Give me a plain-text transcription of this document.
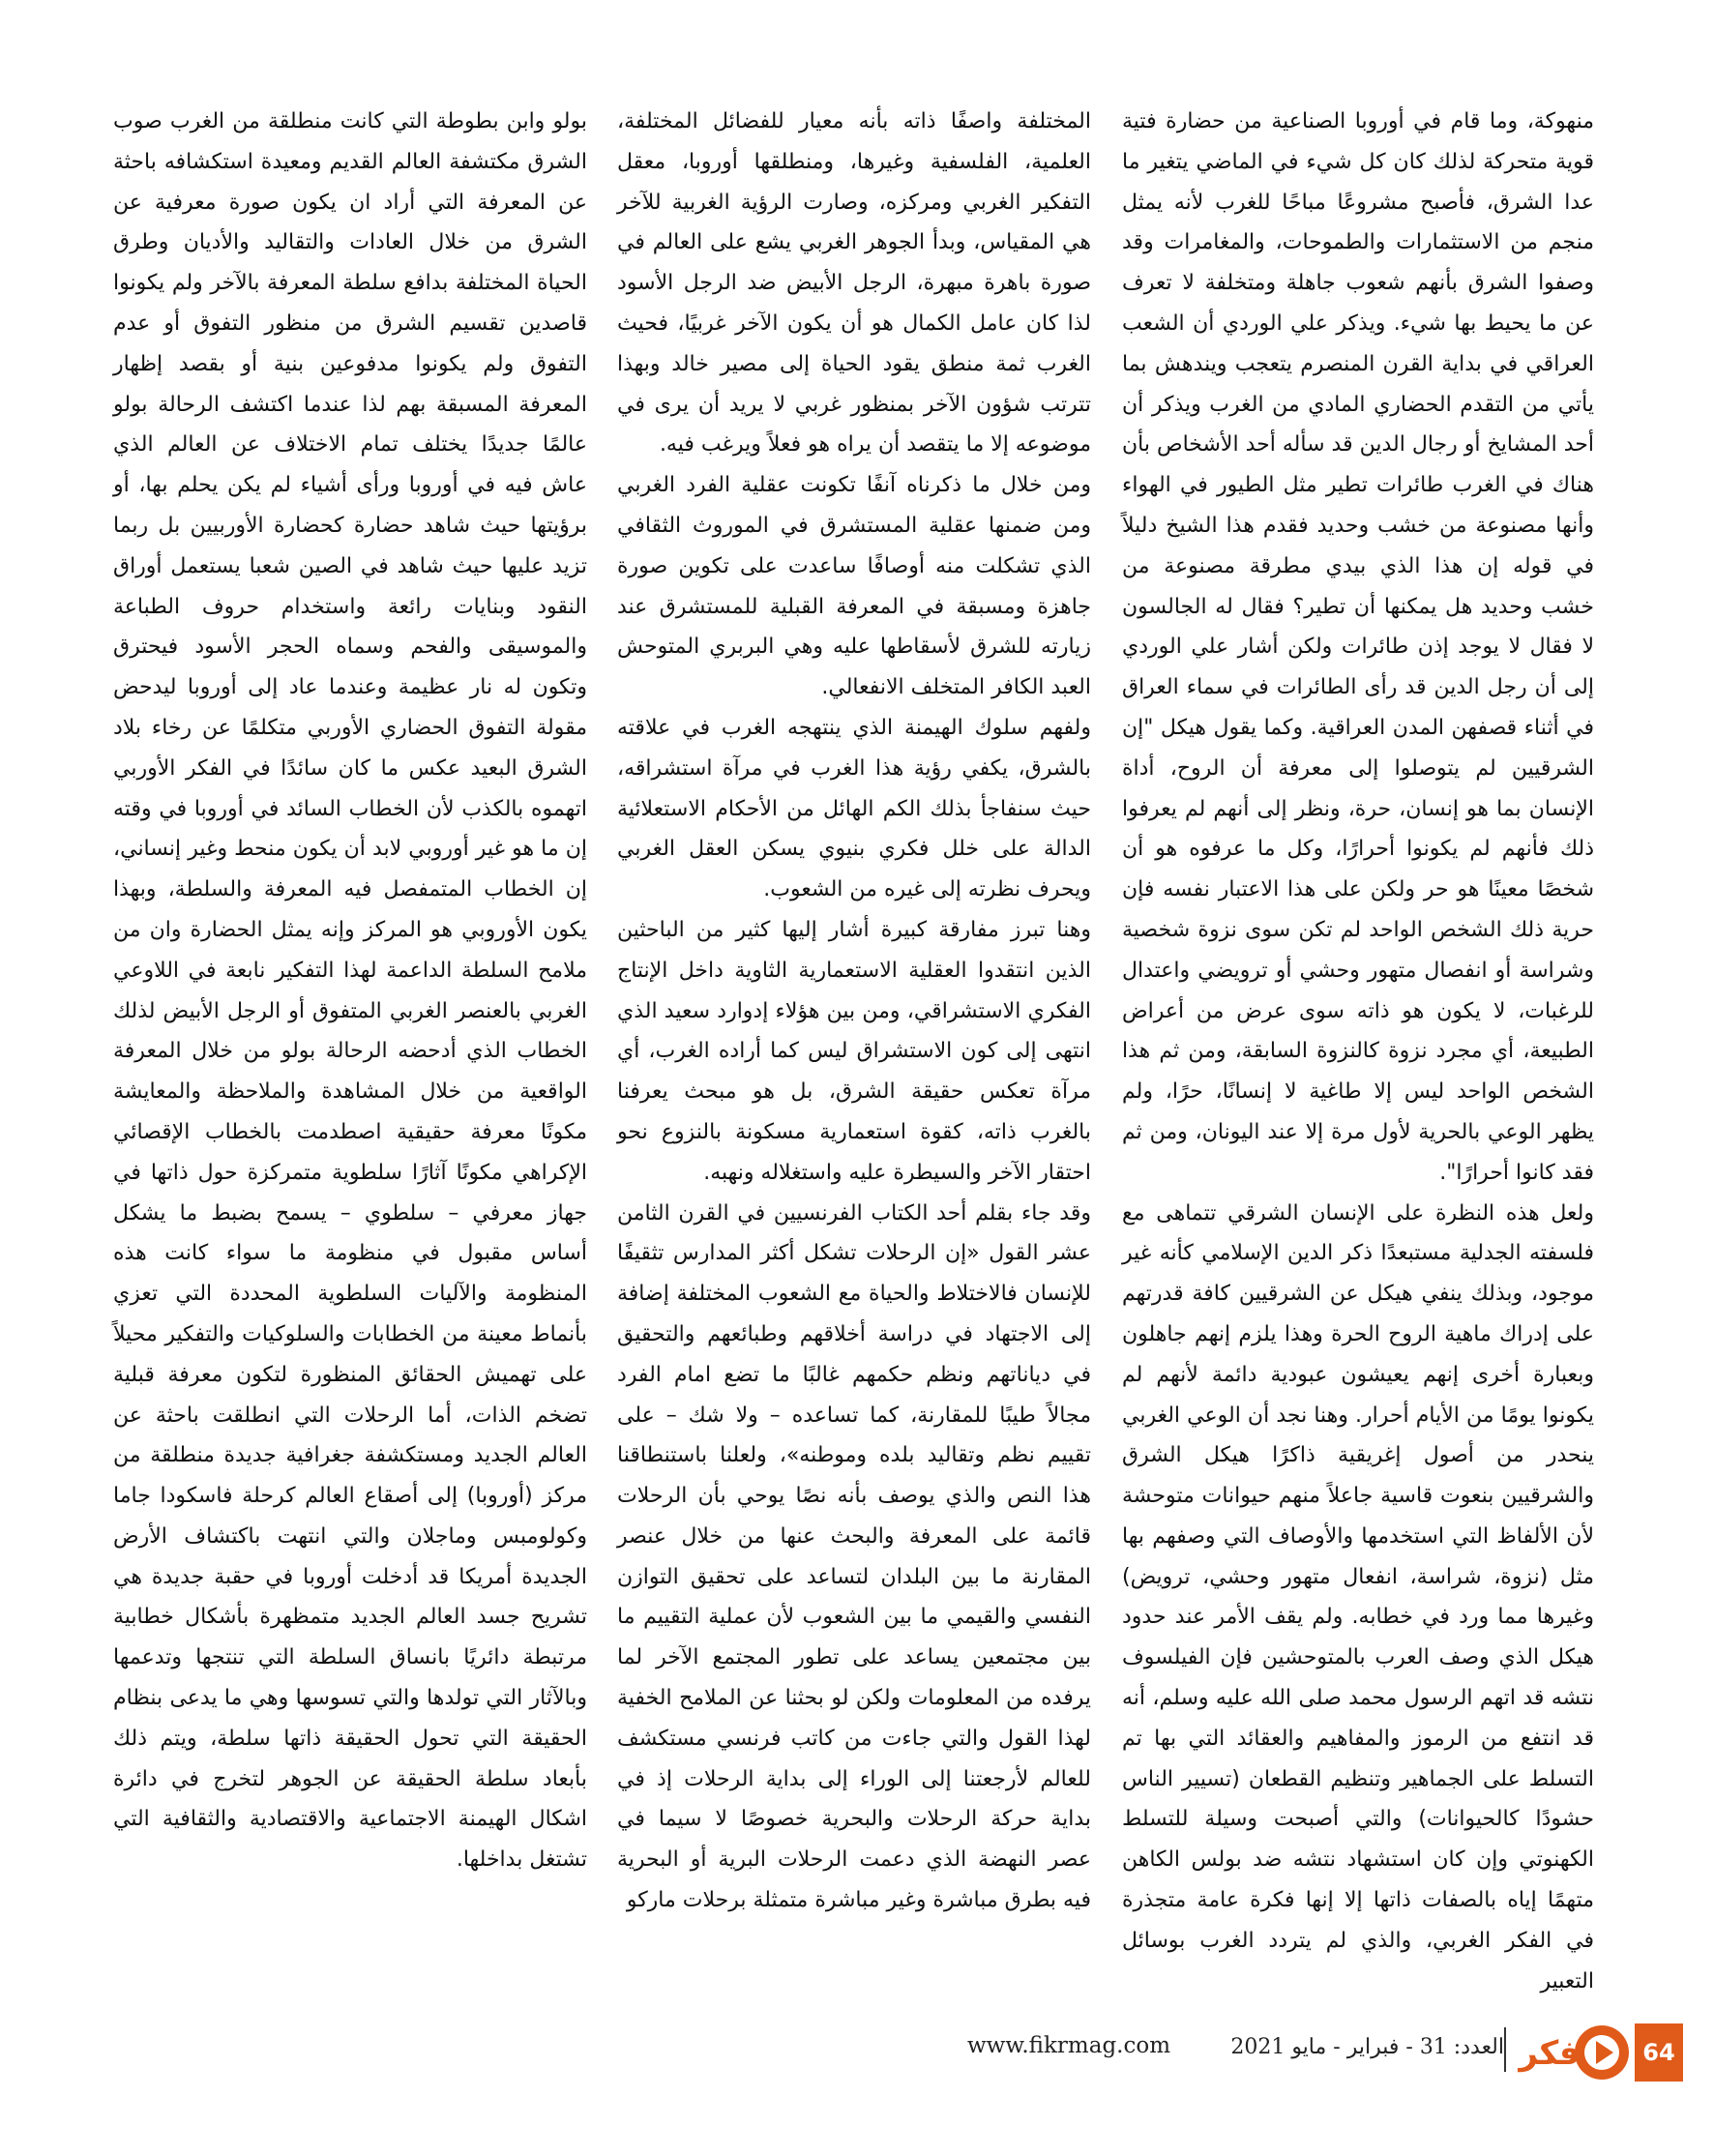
منهوكة، وما قام في أوروبا الصناعية من حضارة فتية قوية متحركة لذلك كان كل شيء في الماضي يتغير ما عدا الشرق، فأصبح مشروعًا مباحًا للغرب لأنه يمثل منجم من الاستثمارات والطموحات، والمغامرات وقد وصفوا الشرق بأنهم شعوب جاهلة ومتخلفة لا تعرف عن ما يحيط بها شيء. ويذكر علي الوردي أن الشعب العراقي في بداية القرن المنصرم يتعجب ويندهش بما يأتي من التقدم الحضاري المادي من الغرب ويذكر أن أحد المشايخ أو رجال الدين قد سأله أحد الأشخاص بأن هناك في الغرب طائرات تطير مثل الطيور في الهواء وأنها مصنوعة من خشب وحديد فقدم هذا الشيخ دليلاً في قوله إن هذا الذي بيدي مطرقة مصنوعة من خشب وحديد هل يمكنها أن تطير؟ فقال له الجالسون لا فقال لا يوجد إذن طائرات ولكن أشار علي الوردي إلى أن رجل الدين قد رأى الطائرات في سماء العراق في أثناء قصفهن المدن العراقية. وكما يقول هيكل "إن الشرقيين لم يتوصلوا إلى معرفة أن الروح، أداة الإنسان بما هو إنسان، حرة، ونظر إلى أنهم لم يعرفوا ذلك فأنهم لم يكونوا أحرارًا، وكل ما عرفوه هو أن شخصًا معينًا هو حر ولكن على هذا الاعتبار نفسه فإن حرية ذلك الشخص الواحد لم تكن سوى نزوة شخصية وشراسة أو انفصال متهور وحشي أو ترويضي واعتدال للرغبات، لا يكون هو ذاته سوى عرض من أعراض الطبيعة، أي مجرد نزوة كالنزوة السابقة، ومن ثم هذا الشخص الواحد ليس إلا طاغية لا إنسانًا، حرًا، ولم يظهر الوعي بالحرية لأول مرة إلا عند اليونان، ومن ثم فقد كانوا أحرارًا".

ولعل هذه النظرة على الإنسان الشرقي تتماهى مع فلسفته الجدلية مستبعدًا ذكر الدين الإسلامي كأنه غير موجود، وبذلك ينفي هيكل عن الشرقيين كافة قدرتهم على إدراك ماهية الروح الحرة وهذا يلزم إنهم جاهلون وبعبارة أخرى إنهم يعيشون عبودية دائمة لأنهم لم يكونوا يومًا من الأيام أحرار. وهنا نجد أن الوعي الغربي ينحدر من أصول إغريقية ذاكرًا هيكل الشرق والشرقيين بنعوت قاسية جاعلاً منهم حيوانات متوحشة لأن الألفاظ التي استخدمها والأوصاف التي وصفهم بها مثل (نزوة، شراسة، انفعال متهور وحشي، ترويض) وغيرها مما ورد في خطابه. ولم يقف الأمر عند حدود هيكل الذي وصف العرب بالمتوحشين فإن الفيلسوف نتشه قد اتهم الرسول محمد صلى الله عليه وسلم، أنه قد انتفع من الرموز والمفاهيم والعقائد التي بها تم التسلط على الجماهير وتنظيم القطعان (تسيير الناس حشودًا كالحيوانات) والتي أصبحت وسيلة للتسلط الكهنوتي وإن كان استشهاد نتشه ضد بولس الكاهن متهمًا إياه بالصفات ذاتها إلا إنها فكرة عامة متجذرة في الفكر الغربي، والذي لم يتردد الغرب بوسائل التعبير

المختلفة واصفًا ذاته بأنه معيار للفضائل المختلفة، العلمية، الفلسفية وغيرها، ومنطلقها أوروبا، معقل التفكير الغربي ومركزه، وصارت الرؤية الغربية للآخر هي المقياس، وبدأ الجوهر الغربي يشع على العالم في صورة باهرة مبهرة، الرجل الأبيض ضد الرجل الأسود لذا كان عامل الكمال هو أن يكون الآخر غربيًا، فحيث الغرب ثمة منطق يقود الحياة إلى مصير خالد وبهذا تترتب شؤون الآخر بمنظور غربي لا يريد أن يرى في موضوعه إلا ما يتقصد أن يراه هو فعلاً ويرغب فيه.

ومن خلال ما ذكرناه آنفًا تكونت عقلية الفرد الغربي ومن ضمنها عقلية المستشرق في الموروث الثقافي الذي تشكلت منه أوصافًا ساعدت على تكوين صورة جاهزة ومسبقة في المعرفة القبلية للمستشرق عند زيارته للشرق لأسقاطها عليه وهي البربري المتوحش العبد الكافر المتخلف الانفعالي.

ولفهم سلوك الهيمنة الذي ينتهجه الغرب في علاقته بالشرق، يكفي رؤية هذا الغرب في مرآة استشراقه، حيث سنفاجأ بذلك الكم الهائل من الأحكام الاستعلائية الدالة على خلل فكري بنيوي يسكن العقل الغربي ويحرف نظرته إلى غيره من الشعوب.

وهنا تبرز مفارقة كبيرة أشار إليها كثير من الباحثين الذين انتقدوا العقلية الاستعمارية الثاوية داخل الإنتاج الفكري الاستشراقي، ومن بين هؤلاء إدوارد سعيد الذي انتهى إلى كون الاستشراق ليس كما أراده الغرب، أي مرآة تعكس حقيقة الشرق، بل هو مبحث يعرفنا بالغرب ذاته، كقوة استعمارية مسكونة بالنزوع نحو احتقار الآخر والسيطرة عليه واستغلاله ونهبه.

وقد جاء بقلم أحد الكتاب الفرنسيين في القرن الثامن عشر القول «إن الرحلات تشكل أكثر المدارس تثقيفًا للإنسان فالاختلاط والحياة مع الشعوب المختلفة إضافة إلى الاجتهاد في دراسة أخلاقهم وطبائعهم والتحقيق في دياناتهم ونظم حكمهم غالبًا ما تضع امام الفرد مجالاً طيبًا للمقارنة، كما تساعده – ولا شك – على تقييم نظم وتقاليد بلده وموطنه»، ولعلنا باستنطاقنا هذا النص والذي يوصف بأنه نصًا يوحي بأن الرحلات قائمة على المعرفة والبحث عنها من خلال عنصر المقارنة ما بين البلدان لتساعد على تحقيق التوازن النفسي والقيمي ما بين الشعوب لأن عملية التقييم ما بين مجتمعين يساعد على تطور المجتمع الآخر لما يرفده من المعلومات ولكن لو بحثنا عن الملامح الخفية لهذا القول والتي جاءت من كاتب فرنسي مستكشف للعالم لأرجعتنا إلى الوراء إلى بداية الرحلات إذ في بداية حركة الرحلات والبحرية خصوصًا لا سيما في عصر النهضة الذي دعمت الرحلات البرية أو البحرية فيه بطرق مباشرة وغير مباشرة متمثلة برحلات ماركو

بولو وابن بطوطة التي كانت منطلقة من الغرب صوب الشرق مكتشفة العالم القديم ومعيدة استكشافه باحثة عن المعرفة التي أراد ان يكون صورة معرفية عن الشرق من خلال العادات والتقاليد والأديان وطرق الحياة المختلفة بدافع سلطة المعرفة بالآخر ولم يكونوا قاصدين تقسيم الشرق من منظور التفوق أو عدم التفوق ولم يكونوا مدفوعين بنية أو بقصد إظهار المعرفة المسبقة بهم لذا عندما اكتشف الرحالة بولو عالمًا جديدًا يختلف تمام الاختلاف عن العالم الذي عاش فيه في أوروبا ورأى أشياء لم يكن يحلم بها، أو برؤيتها حيث شاهد حضارة كحضارة الأوربيين بل ربما تزيد عليها حيث شاهد في الصين شعبا يستعمل أوراق النقود وبنايات رائعة واستخدام حروف الطباعة والموسيقى والفحم وسماه الحجر الأسود فيحترق وتكون له نار عظيمة وعندما عاد إلى أوروبا ليدحض مقولة التفوق الحضاري الأوربي متكلمًا عن رخاء بلاد الشرق البعيد عكس ما كان سائدًا في الفكر الأوربي اتهموه بالكذب لأن الخطاب السائد في أوروبا في وقته إن ما هو غير أوروبي لابد أن يكون منحط وغير إنساني، إن الخطاب المتمفصل فيه المعرفة والسلطة، وبهذا يكون الأوروبي هو المركز وإنه يمثل الحضارة وان من ملامح السلطة الداعمة لهذا التفكير نابعة في اللاوعي الغربي بالعنصر الغربي المتفوق أو الرجل الأبيض لذلك الخطاب الذي أدحضه الرحالة بولو من خلال المعرفة الواقعية من خلال المشاهدة والملاحظة والمعايشة مكونًا معرفة حقيقية اصطدمت بالخطاب الإقصائي الإكراهي مكونًا آثارًا سلطوية متمركزة حول ذاتها في جهاز معرفي – سلطوي – يسمح بضبط ما يشكل أساس مقبول في منظومة ما سواء كانت هذه المنظومة والآليات السلطوية المحددة التي تعزي بأنماط معينة من الخطابات والسلوكيات والتفكير محيلاً على تهميش الحقائق المنظورة لتكون معرفة قبلية تضخم الذات، أما الرحلات التي انطلقت باحثة عن العالم الجديد ومستكشفة جغرافية جديدة منطلقة من مركز (أوروبا) إلى أصقاع العالم كرحلة فاسكودا جاما وكولومبس وماجلان والتي انتهت باكتشاف الأرض الجديدة أمريكا قد أدخلت أوروبا في حقبة جديدة هي تشريح جسد العالم الجديد متمظهرة بأشكال خطابية مرتبطة دائريًا بانساق السلطة التي تنتجها وتدعمها وبالآثار التي تولدها والتي تسوسها وهي ما يدعى بنظام الحقيقة التي تحول الحقيقة ذاتها سلطة، ويتم ذلك بأبعاد سلطة الحقيقة عن الجوهر لتخرج في دائرة اشكال الهيمنة الاجتماعية والاقتصادية والثقافية التي تشتغل بداخلها.

64
فكر
العدد: 31 - فبراير - مايو 2021
www.fikrmag.com
